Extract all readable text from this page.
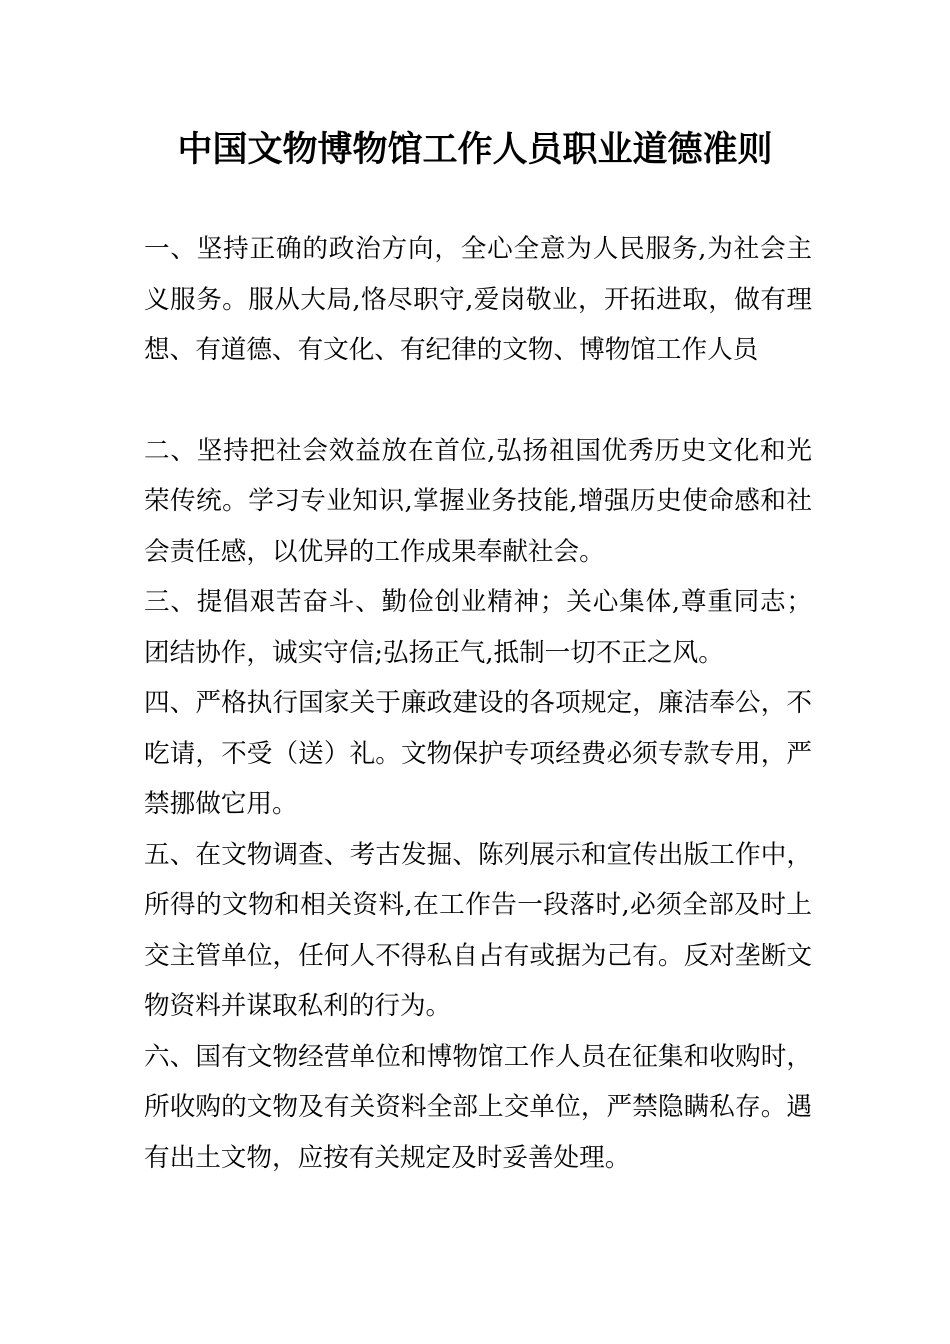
中国文物博物馆工作人员职业道德准则

一、坚持正确的政治方向，全心全意为人民服务,为社会主义服务。服从大局,恪尽职守,爱岗敬业，开拓进取，做有理想、有道德、有文化、有纪律的文物、博物馆工作人员

二、坚持把社会效益放在首位,弘扬祖国优秀历史文化和光荣传统。学习专业知识,掌握业务技能,增强历史使命感和社会责任感，以优异的工作成果奉献社会。

三、提倡艰苦奋斗、勤俭创业精神；关心集体,尊重同志；团结协作，诚实守信;弘扬正气,抵制一切不正之风。

四、严格执行国家关于廉政建设的各项规定，廉洁奉公，不吃请，不受（送）礼。文物保护专项经费必须专款专用，严禁挪做它用。

五、在文物调查、考古发掘、陈列展示和宣传出版工作中，所得的文物和相关资料,在工作告一段落时,必须全部及时上交主管单位，任何人不得私自占有或据为己有。反对垄断文物资料并谋取私利的行为。

六、国有文物经营单位和博物馆工作人员在征集和收购时，所收购的文物及有关资料全部上交单位，严禁隐瞒私存。遇有出土文物，应按有关规定及时妥善处理。
